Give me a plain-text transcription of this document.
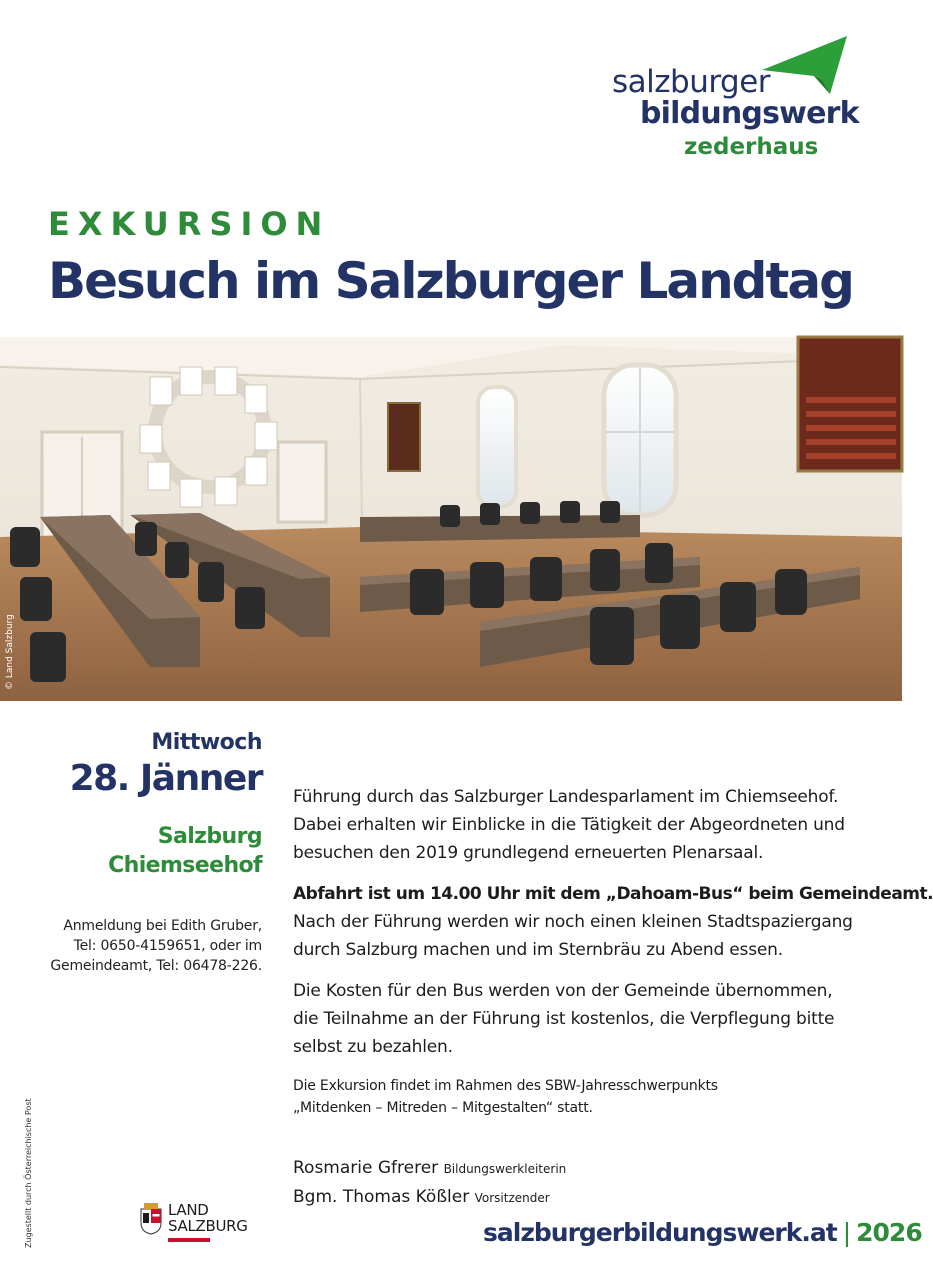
salzburger
bildungswerk
zederhaus
EXKURSION
Besuch im Salzburger Landtag
© Land Salzburg
Mittwoch
28. Jänner
Salzburg
Chiemseehof
Anmeldung bei Edith Gruber,
Tel: 0650-4159651, oder im
Gemeindeamt, Tel: 06478-226.
Führung durch das Salzburger Landesparlament im Chiemseehof.
Dabei erhalten wir Einblicke in die Tätigkeit der Abgeordneten und
besuchen den 2019 grundlegend erneuerten Plenarsaal.
Abfahrt ist um 14.00 Uhr mit dem „Dahoam-Bus“ beim Gemeindeamt.
Nach der Führung werden wir noch einen kleinen Stadtspaziergang
durch Salzburg machen und im Sternbräu zu Abend essen.
Die Kosten für den Bus werden von der Gemeinde übernommen,
die Teilnahme an der Führung ist kostenlos, die Verpflegung bitte
selbst zu bezahlen.
Die Exkursion findet im Rahmen des SBW-Jahresschwerpunkts
„Mitdenken – Mitreden – Mitgestalten“ statt.
Rosmarie Gfrerer Bildungswerkleiterin
Bgm. Thomas Kößler Vorsitzender
Zugestellt durch Österreichische Post	LAND
SALZBURG	salzburgerbildungswerk.at | 2026
